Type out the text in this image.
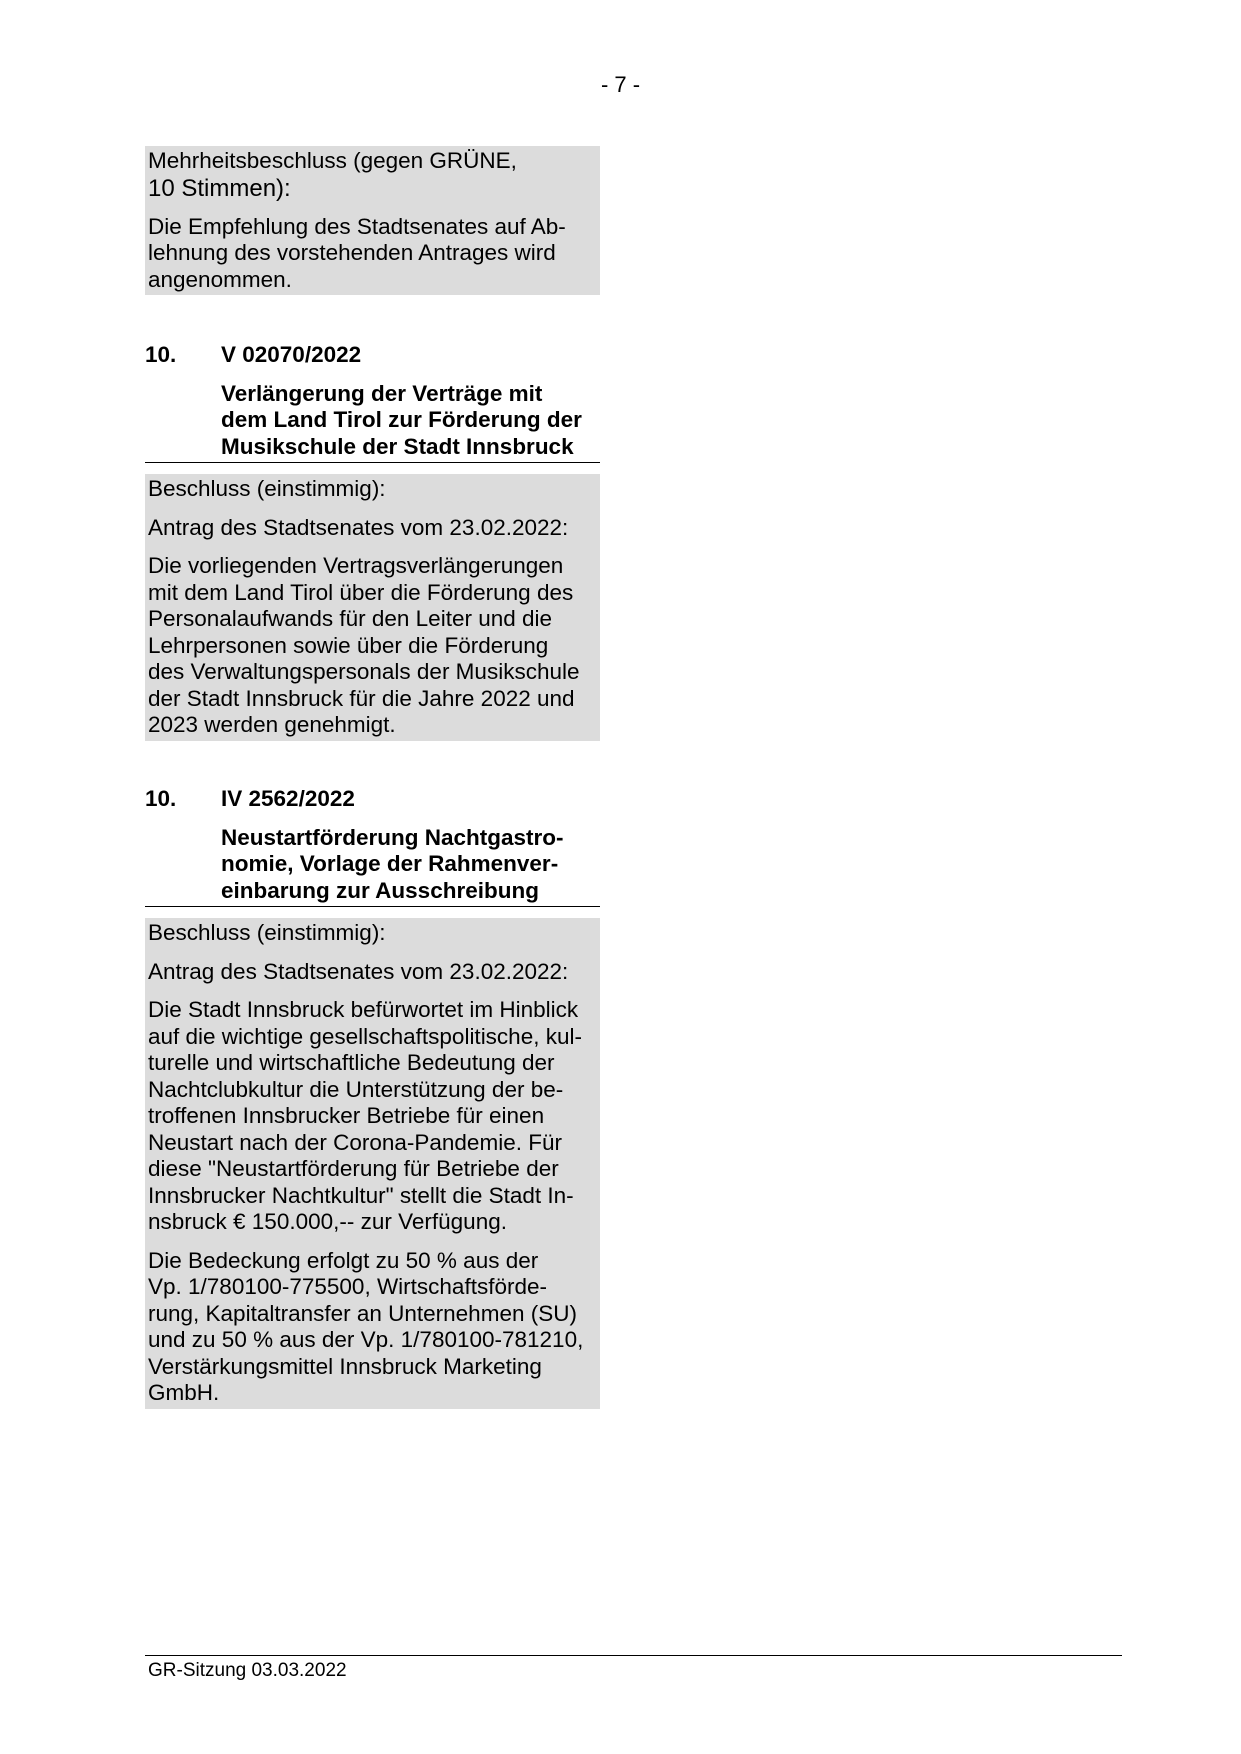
- 7 -
Mehrheitsbeschluss (gegen GRÜNE,
10 Stimmen):

Die Empfehlung des Stadtsenates auf Ab-
lehnung des vorstehenden Antrages wird
angenommen.

10.	V 02070/2022
Verlängerung der Verträge mit
dem Land Tirol zur Förderung der
Musikschule der Stadt Innsbruck

Beschluss (einstimmig):

Antrag des Stadtsenates vom 23.02.2022:

Die vorliegenden Vertragsverlängerungen
mit dem Land Tirol über die Förderung des
Personalaufwands für den Leiter und die
Lehrpersonen sowie über die Förderung
des Verwaltungspersonals der Musikschule
der Stadt Innsbruck für die Jahre 2022 und
2023 werden genehmigt.

10.	IV 2562/2022
Neustartförderung Nachtgastro-
nomie, Vorlage der Rahmenver-
einbarung zur Ausschreibung

Beschluss (einstimmig):

Antrag des Stadtsenates vom 23.02.2022:

Die Stadt Innsbruck befürwortet im Hinblick
auf die wichtige gesellschaftspolitische, kul-
turelle und wirtschaftliche Bedeutung der
Nachtclubkultur die Unterstützung der be-
troffenen Innsbrucker Betriebe für einen
Neustart nach der Corona-Pandemie. Für
diese "Neustartförderung für Betriebe der
Innsbrucker Nachtkultur" stellt die Stadt In-
nsbruck € 150.000,-- zur Verfügung.

Die Bedeckung erfolgt zu 50 % aus der
Vp. 1/780100-775500, Wirtschaftsförde-
rung, Kapitaltransfer an Unternehmen (SU)
und zu 50 % aus der Vp. 1/780100-781210,
Verstärkungsmittel Innsbruck Marketing
GmbH.

GR-Sitzung 03.03.2022
